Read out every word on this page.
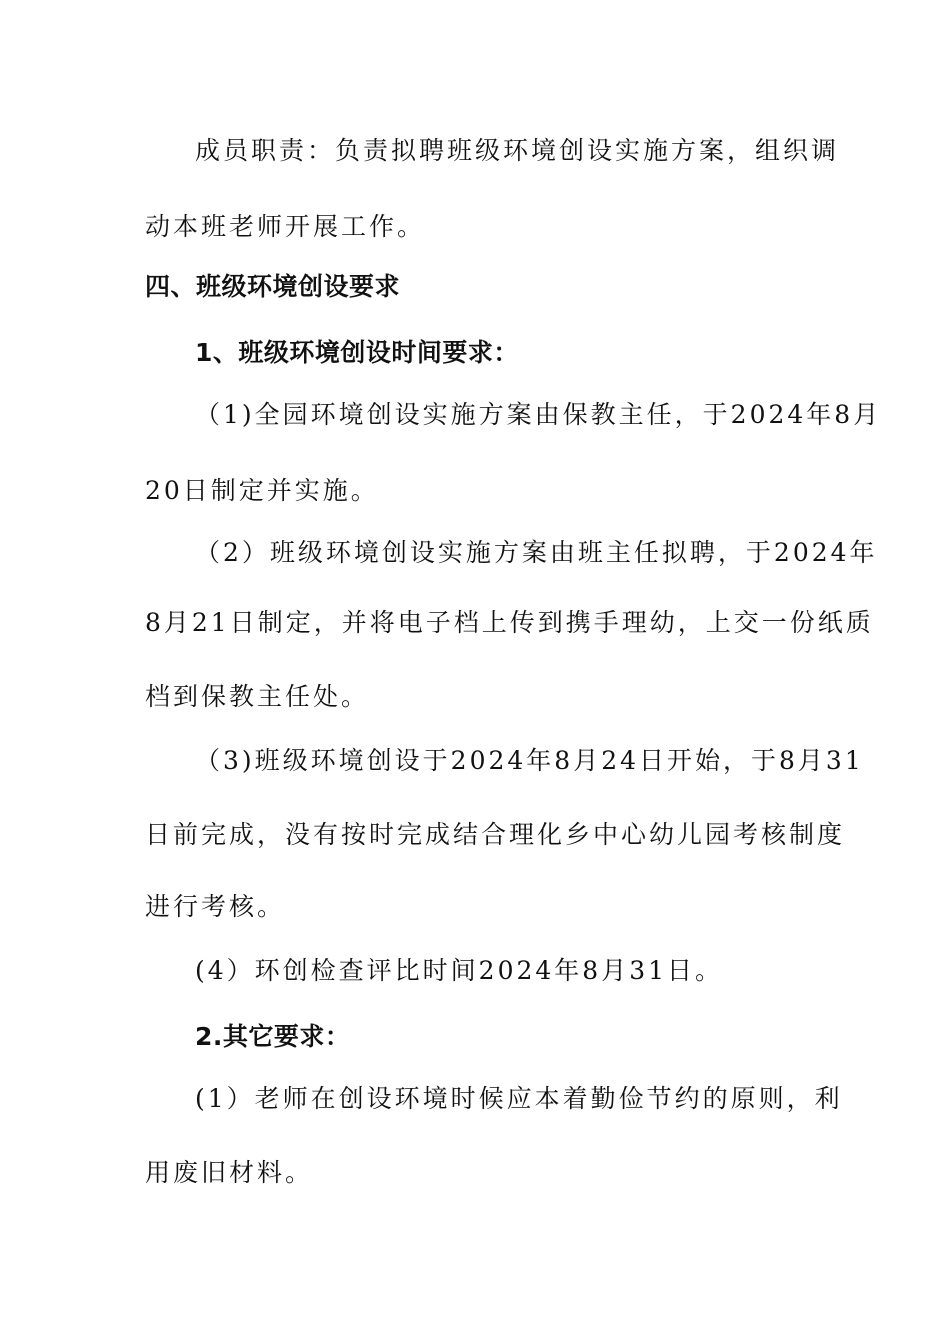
成员职责：负责拟聘班级环境创设实施方案，组织调
动本班老师开展工作。
四、班级环境创设要求
1、班级环境创设时间要求：
（1)全园环境创设实施方案由保教主任，于2024年8月
20日制定并实施。
（2）班级环境创设实施方案由班主任拟聘，于2024年
8月21日制定，并将电子档上传到携手理幼，上交一份纸质
档到保教主任处。
（3)班级环境创设于2024年8月24日开始，于8月31
日前完成，没有按时完成结合理化乡中心幼儿园考核制度
进行考核。
(4）环创检查评比时间2024年8月31日。
2.其它要求：
(1）老师在创设环境时候应本着勤俭节约的原则，利
用废旧材料。
